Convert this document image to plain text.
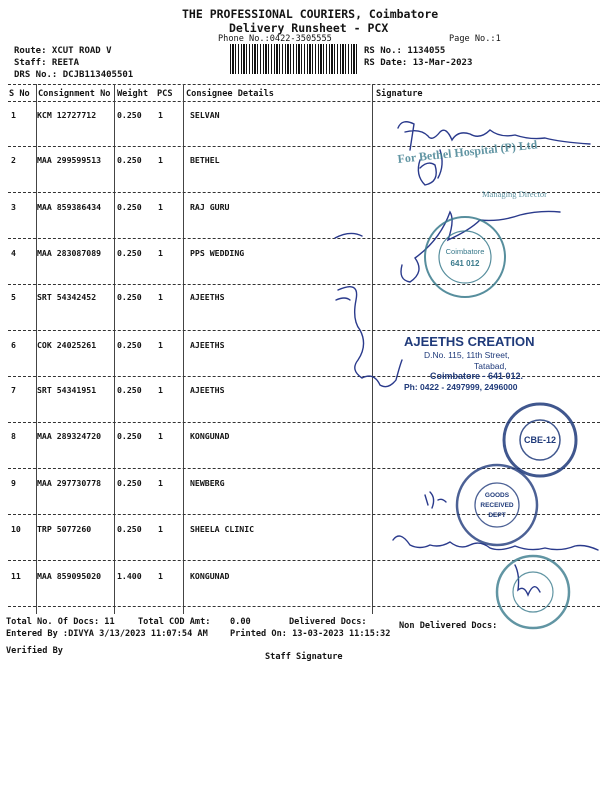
THE PROFESSIONAL COURIERS, Coimbatore
Delivery Runsheet - PCX
Phone No.:0422-3505555	Page No.:1
Route: XCUT ROAD V
Staff: REETA
DRS No.: DCJB113405501
RS No.: 1134055
RS Date: 13-Mar-2023
S No Consignment No Weight PCS Consignee Details	Signature
1	KCM 12727712	0.250 1	SELVAN
2	MAA 299599513 0.250 1	BETHEL
3	MAA 859386434 0.250 1	RAJ GURU
4	MAA 283087089 0.250 1	PPS WEDDING
5	SRT 54342452	0.250 1	AJEETHS
6	COK 24025261	0.250 1	AJEETHS
7	SRT 54341951	0.250 1	AJEETHS
8	MAA 289324720 0.250 1	KONGUNAD
9	MAA 297730778 0.250 1	NEWBERG
10 TRP 5077260	0.250 1	SHEELA CLINIC
11 MAA 859095020 1.400 1	KONGUNAD
Total No. Of Docs: 11	Total COD Amt: 0.00	Delivered Docs:	Non Delivered Docs:
Entered By :DIVYA 3/13/2023 11:07:54 AM	Printed On: 13-03-2023 11:15:32
Verified By
Staff Signature
For Bethel Hospital (P) Ltd
Managing Director
Coimbatore
641 012
AJEETHS CREATION
D.No. 115, 11th Street,
Tatabad,
Coimbatore - 641 012.
Ph: 0422 - 2497999, 2496000
CBE-12
GOODS
RECEIVED
DEPT
